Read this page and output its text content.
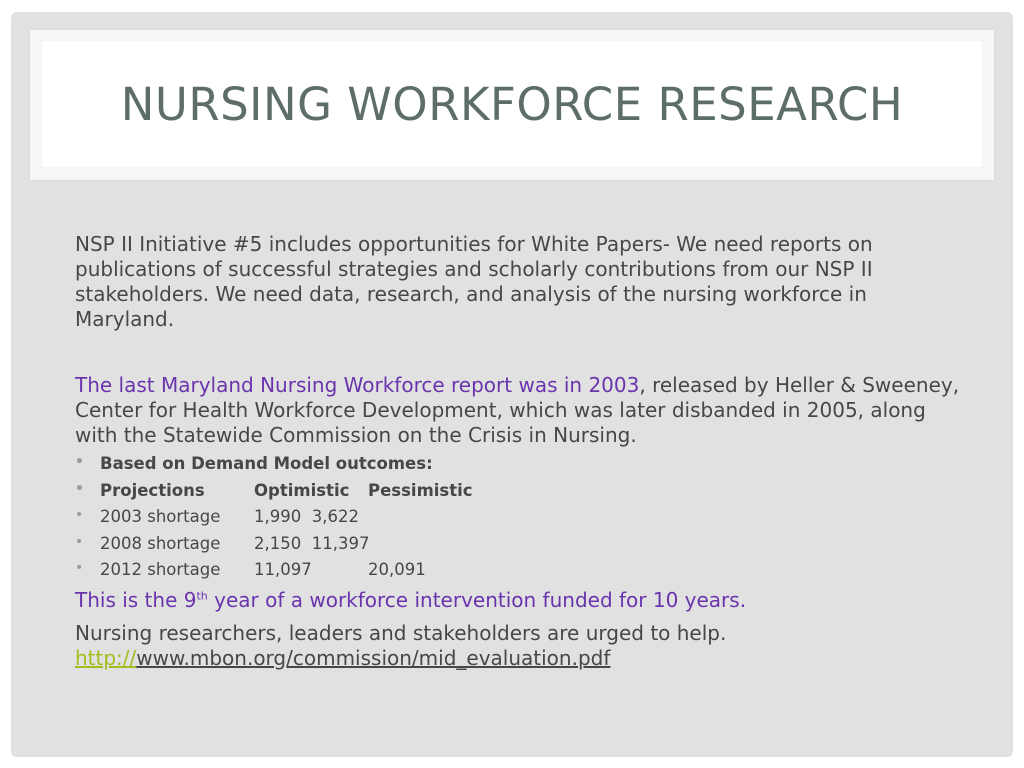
NURSING WORKFORCE RESEARCH

NSP II Initiative #5 includes opportunities for White Papers- We need reports on publications of successful strategies and scholarly contributions from our NSP II stakeholders. We need data, research, and analysis of the nursing workforce in Maryland.

The last Maryland Nursing Workforce report was in 2003, released by Heller & Sweeney, Center for Health Workforce Development, which was later disbanded in 2005, along with the Statewide Commission on the Crisis in Nursing.

• Based on Demand Model outcomes:
• Projections	Optimistic Pessimistic
• 2003 shortage 1,990 3,622
• 2008 shortage 2,150 11,397
• 2012 shortage 11,097	20,091

This is the 9th year of a workforce intervention funded for 10 years.

Nursing researchers, leaders and stakeholders are urged to help.
http://www.mbon.org/commission/mid_evaluation.pdf
